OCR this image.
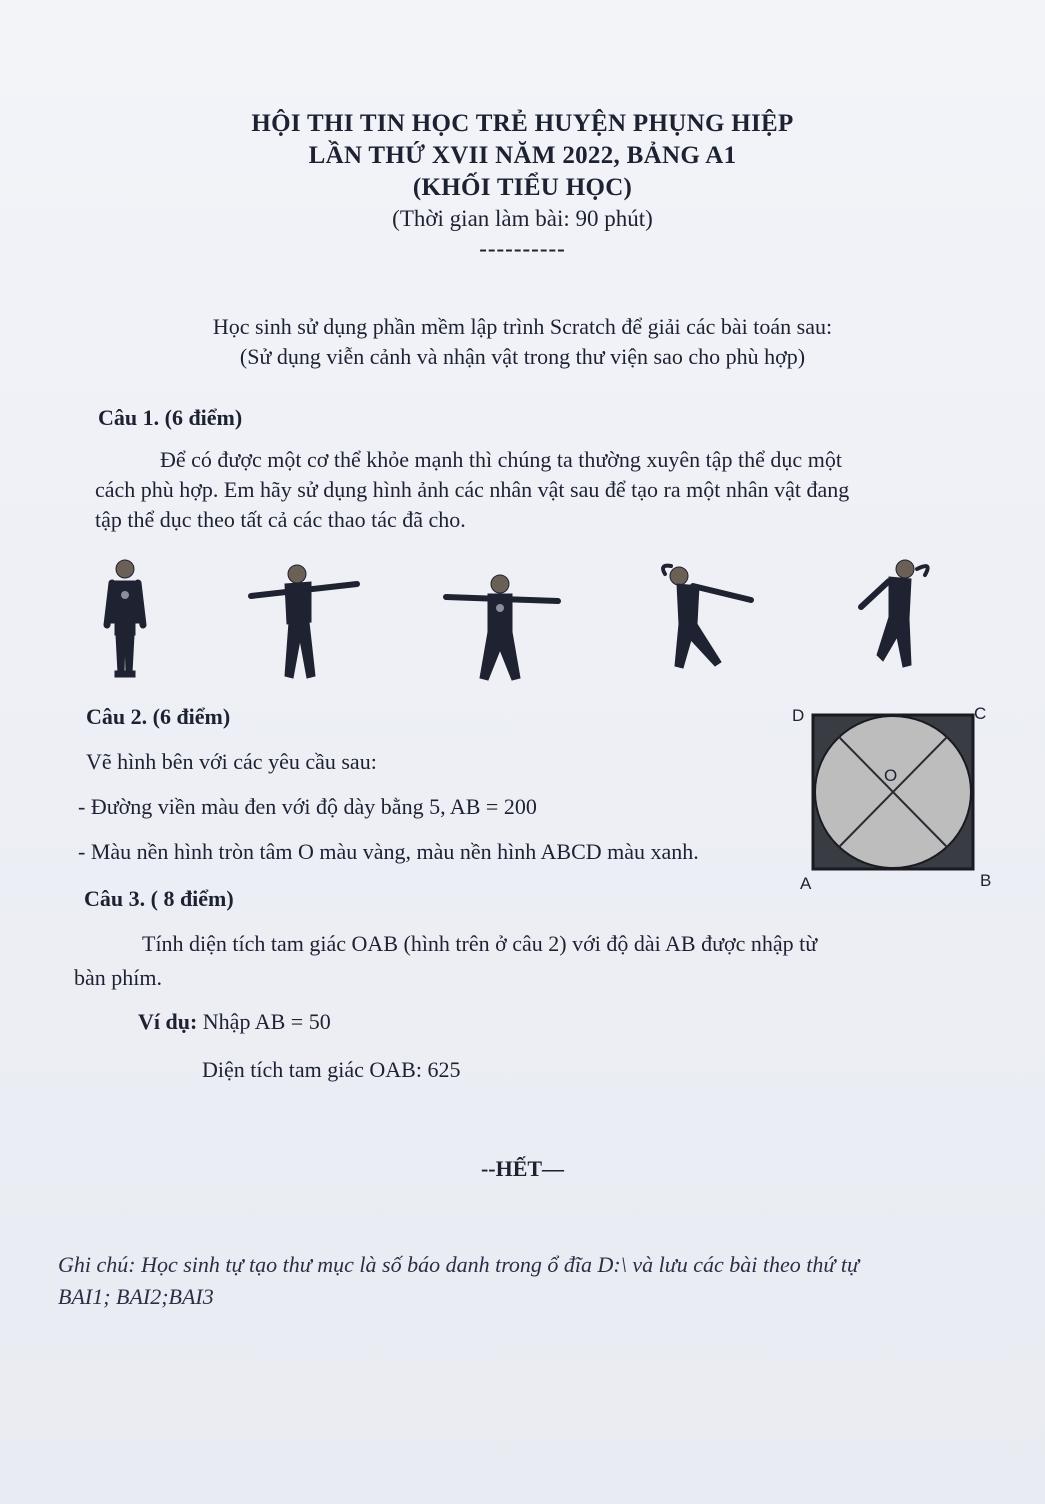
HỘI THI TIN HỌC TRẺ HUYỆN PHỤNG HIỆP
LẦN THỨ XVII NĂM 2022, BẢNG A1
(KHỐI TIỂU HỌC)
(Thời gian làm bài: 90 phút)
----------
Học sinh sử dụng phần mềm lập trình Scratch để giải các bài toán sau:
(Sử dụng viễn cảnh và nhận vật trong thư viện sao cho phù hợp)
Câu 1. (6 điểm)
Để có được một cơ thể khỏe mạnh thì chúng ta thường xuyên tập thể dục một
cách phù hợp. Em hãy sử dụng hình ảnh các nhân vật sau để tạo ra một nhân vật đang
tập thể dục theo tất cả các thao tác đã cho.
Câu 2. (6 điểm)
Vẽ hình bên với các yêu cầu sau:
- Đường viền màu đen với độ dày bằng 5, AB = 200
- Màu nền hình tròn tâm O màu vàng, màu nền hình ABCD màu xanh.
D	C
O
A	B
Câu 3. ( 8 điểm)
Tính diện tích tam giác OAB (hình trên ở câu 2) với độ dài AB được nhập từ
bàn phím.
Ví dụ: Nhập AB = 50
Diện tích tam giác OAB: 625
--HẾT—
Ghi chú: Học sinh tự tạo thư mục là số báo danh trong ổ đĩa D:\ và lưu các bài theo thứ tự
BAI1; BAI2;BAI3
